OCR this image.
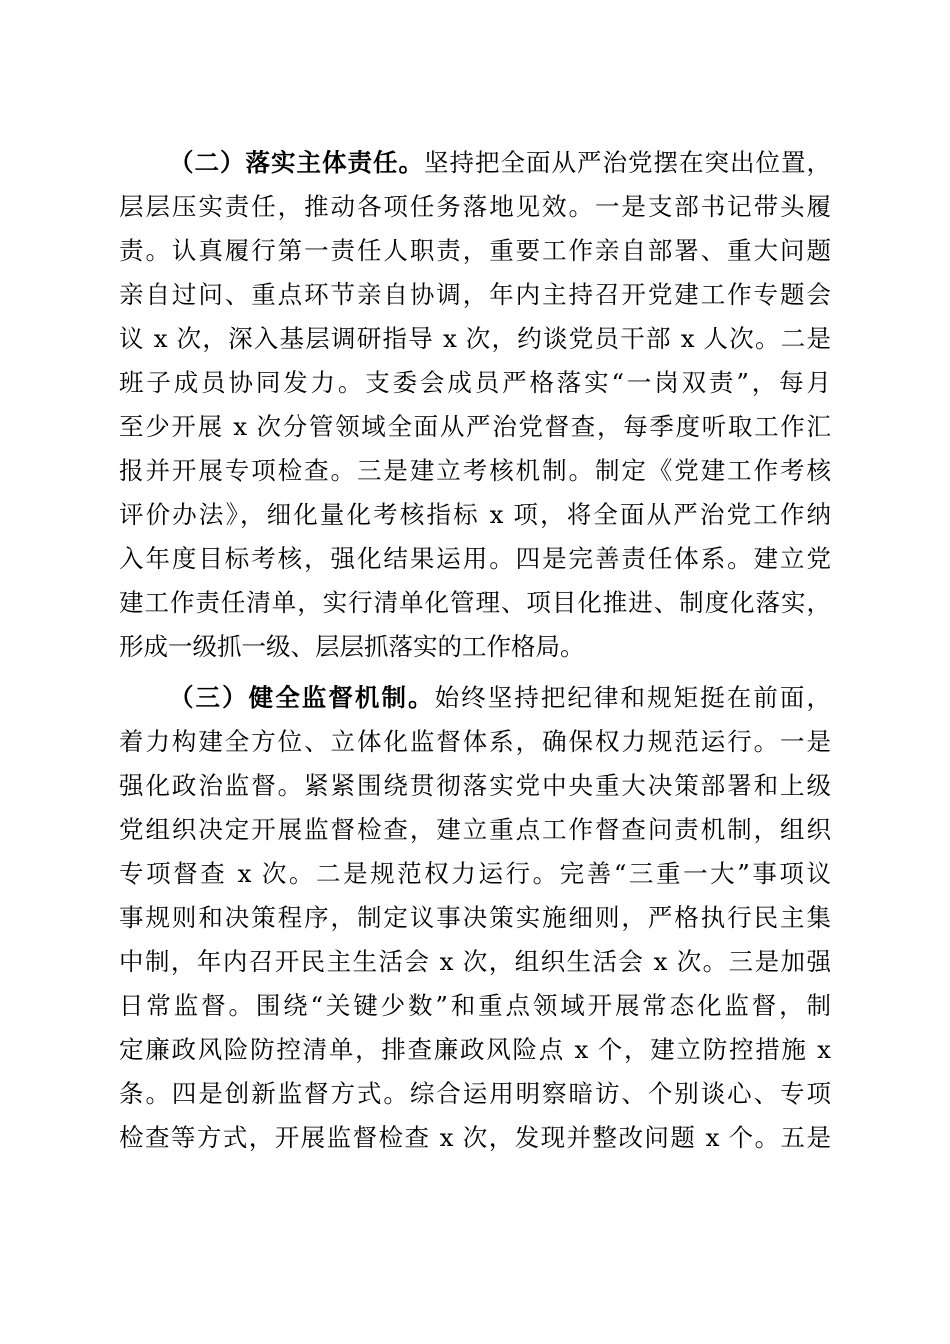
（二）落实主体责任。坚持把全面从严治党摆在突出位置，
层层压实责任，推动各项任务落地见效。一是支部书记带头履
责。认真履行第一责任人职责，重要工作亲自部署、重大问题
亲自过问、重点环节亲自协调，年内主持召开党建工作专题会
议 x 次，深入基层调研指导 x 次，约谈党员干部 x 人次。二是
班子成员协同发力。支委会成员严格落实“一岗双责”，每月
至少开展 x 次分管领域全面从严治党督查，每季度听取工作汇
报并开展专项检查。三是建立考核机制。制定《党建工作考核
评价办法》，细化量化考核指标 x 项，将全面从严治党工作纳
入年度目标考核，强化结果运用。四是完善责任体系。建立党
建工作责任清单，实行清单化管理、项目化推进、制度化落实，
形成一级抓一级、层层抓落实的工作格局。
（三）健全监督机制。始终坚持把纪律和规矩挺在前面，
着力构建全方位、立体化监督体系，确保权力规范运行。一是
强化政治监督。紧紧围绕贯彻落实党中央重大决策部署和上级
党组织决定开展监督检查，建立重点工作督查问责机制，组织
专项督查 x 次。二是规范权力运行。完善“三重一大”事项议
事规则和决策程序，制定议事决策实施细则，严格执行民主集
中制，年内召开民主生活会 x 次，组织生活会 x 次。三是加强
日常监督。围绕“关键少数”和重点领域开展常态化监督，制
定廉政风险防控清单，排查廉政风险点 x 个，建立防控措施 x
条。四是创新监督方式。综合运用明察暗访、个别谈心、专项
检查等方式，开展监督检查 x 次，发现并整改问题 x 个。五是
